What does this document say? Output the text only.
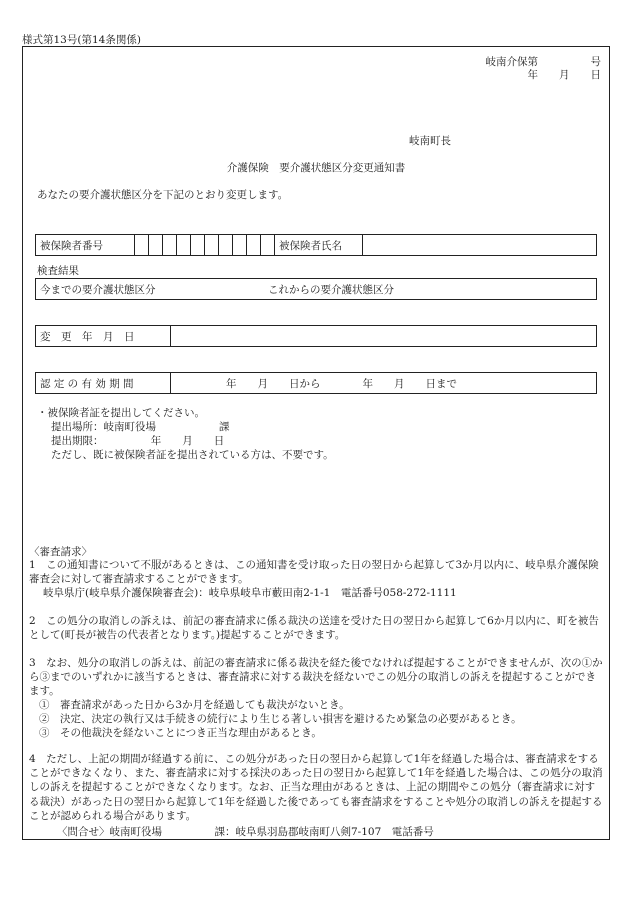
様式第13号(第14条関係)
岐南介保第　　　　　号
年　　月　　日
岐南町長
介護保険　要介護状態区分変更通知書
あなたの要介護状態区分を下記のとおり変更します。
被保険者番号	被保険者氏名
検査結果
今までの要介護状態区分	これからの要介護状態区分
変　更　年　月　日
認 定 の 有 効 期 間	年　　月　　日から　　　　年　　月　　日まで
・被保険者証を提出してください。
提出場所：岐南町役場　　　　　　課
提出期限：　　　　　年　　月　　日
ただし、既に被保険者証を提出されている方は、不要です。
〈審査請求〉
1　この通知書について不服があるときは、この通知書を受け取った日の翌日から起算して3か月以内に、岐阜県介護保険審査会に対して審査請求することができます。
岐阜県庁(岐阜県介護保険審査会)：岐阜県岐阜市藪田南2-1-1　電話番号058-272-1111
2　この処分の取消しの訴えは、前記の審査請求に係る裁決の送達を受けた日の翌日から起算して6か月以内に、町を被告として(町長が被告の代表者となります。)提起することができます。
3　なお、処分の取消しの訴えは、前記の審査請求に係る裁決を経た後でなければ提起することができませんが、次の①から③までのいずれかに該当するときは、審査請求に対する裁決を経ないでこの処分の取消しの訴えを提起することができます。
①　審査請求があった日から3か月を経過しても裁決がないとき。
②　決定、決定の執行又は手続きの続行により生じる著しい損害を避けるため緊急の必要があるとき。
③　その他裁決を経ないことにつき正当な理由があるとき。
4　ただし、上記の期間が経過する前に、この処分があった日の翌日から起算して1年を経過した場合は、審査請求をすることができなくなり、また、審査請求に対する採決のあった日の翌日から起算して1年を経過した場合は、この処分の取消しの訴えを提起することができなくなります。なお、正当な理由があるときは、上記の期間やこの処分（審査請求に対する裁決）があった日の翌日から起算して1年を経過した後であっても審査請求をすることや処分の取消しの訴えを提起することが認められる場合があります。
〈問合せ〉岐南町役場　　　　　課：岐阜県羽島郡岐南町八剣7-107　電話番号
